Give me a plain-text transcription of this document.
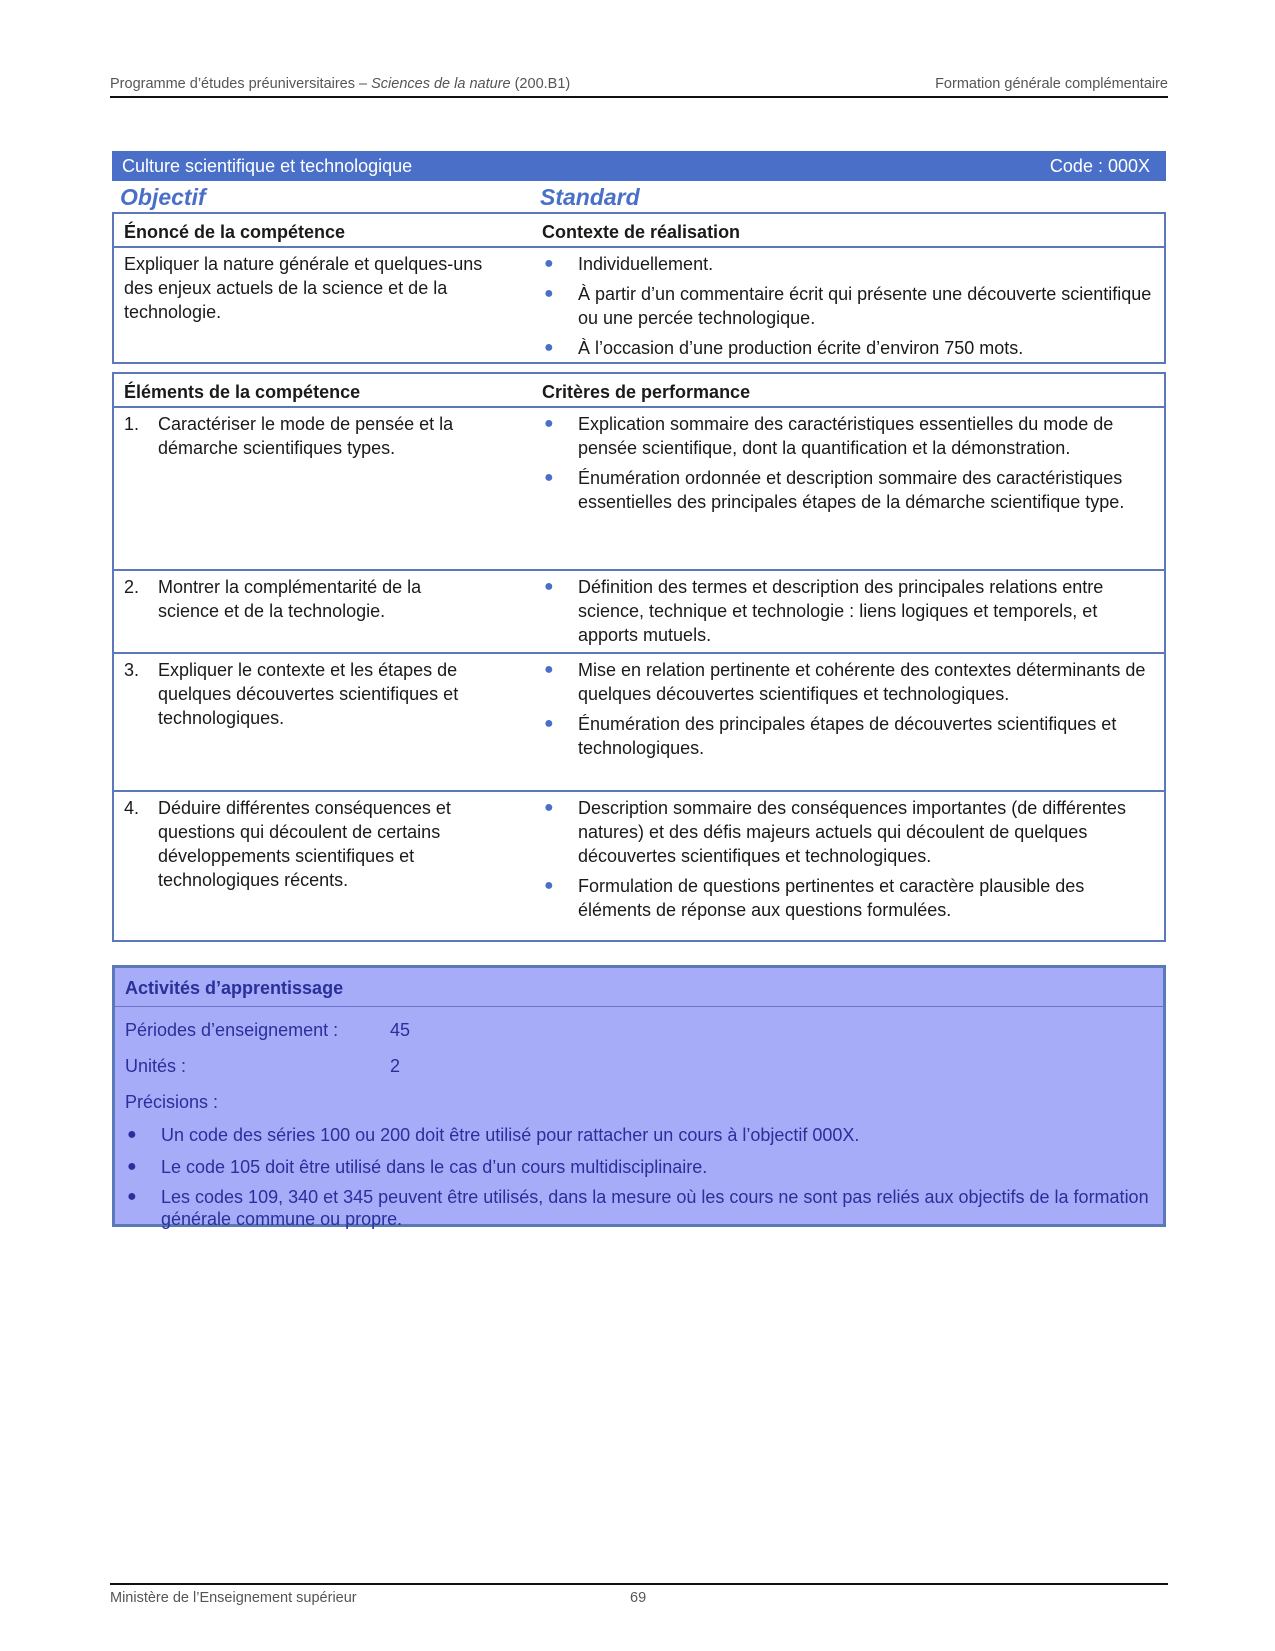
Programme d’études préuniversitaires – Sciences de la nature (200.B1)	Formation générale complémentaire
Culture scientifique et technologique	Code : 000X
Objectif	Standard
Énoncé de la compétence	Contexte de réalisation
Expliquer la nature générale et quelques-uns des enjeux actuels de la science et de la technologie.
● Individuellement.
● À partir d’un commentaire écrit qui présente une découverte scientifique ou une percée technologique.
● À l’occasion d’une production écrite d’environ 750 mots.
Éléments de la compétence	Critères de performance
1. Caractériser le mode de pensée et la démarche scientifiques types.
● Explication sommaire des caractéristiques essentielles du mode de pensée scientifique, dont la quantification et la démonstration.
● Énumération ordonnée et description sommaire des caractéristiques essentielles des principales étapes de la démarche scientifique type.
2. Montrer la complémentarité de la science et de la technologie.
● Définition des termes et description des principales relations entre science, technique et technologie : liens logiques et temporels, et apports mutuels.
3. Expliquer le contexte et les étapes de quelques découvertes scientifiques et technologiques.
● Mise en relation pertinente et cohérente des contextes déterminants de quelques découvertes scientifiques et technologiques.
● Énumération des principales étapes de découvertes scientifiques et technologiques.
4. Déduire différentes conséquences et questions qui découlent de certains développements scientifiques et technologiques récents.
● Description sommaire des conséquences importantes (de différentes natures) et des défis majeurs actuels qui découlent de quelques découvertes scientifiques et technologiques.
● Formulation de questions pertinentes et caractère plausible des éléments de réponse aux questions formulées.
Activités d’apprentissage
Périodes d’enseignement :	45
Unités :	2
Précisions :
● Un code des séries 100 ou 200 doit être utilisé pour rattacher un cours à l’objectif 000X.
● Le code 105 doit être utilisé dans le cas d’un cours multidisciplinaire.
● Les codes 109, 340 et 345 peuvent être utilisés, dans la mesure où les cours ne sont pas reliés aux objectifs de la formation générale commune ou propre.
Ministère de l’Enseignement supérieur	69
